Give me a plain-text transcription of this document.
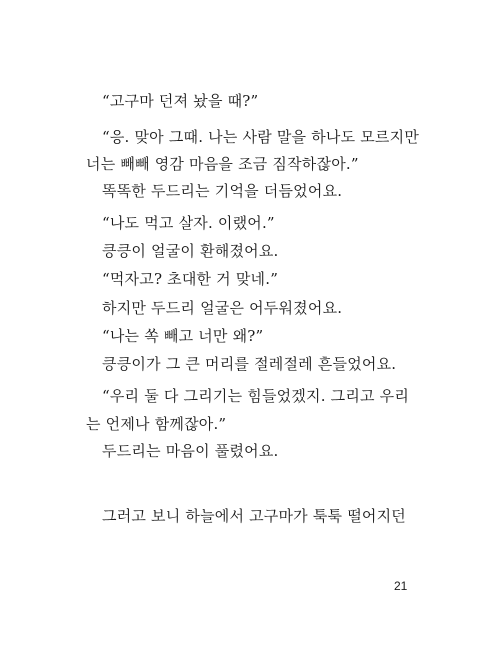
“고구마 던져 놨을 때?”
“응. 맞아 그때. 나는 사람 말을 하나도 모르지만
너는 빼빼 영감 마음을 조금 짐작하잖아.”
똑똑한 두드리는 기억을 더듬었어요.
“나도 먹고 살자. 이랬어.”
킁킁이 얼굴이 환해졌어요.
“먹자고? 초대한 거 맞네.”
하지만 두드리 얼굴은 어두워졌어요.
“나는 쏙 빼고 너만 왜?”
킁킁이가 그 큰 머리를 절레절레 흔들었어요.
“우리 둘 다 그리기는 힘들었겠지. 그리고 우리
는 언제나 함께잖아.”
두드리는 마음이 풀렸어요.
그러고 보니 하늘에서 고구마가 툭툭 떨어지던
21
